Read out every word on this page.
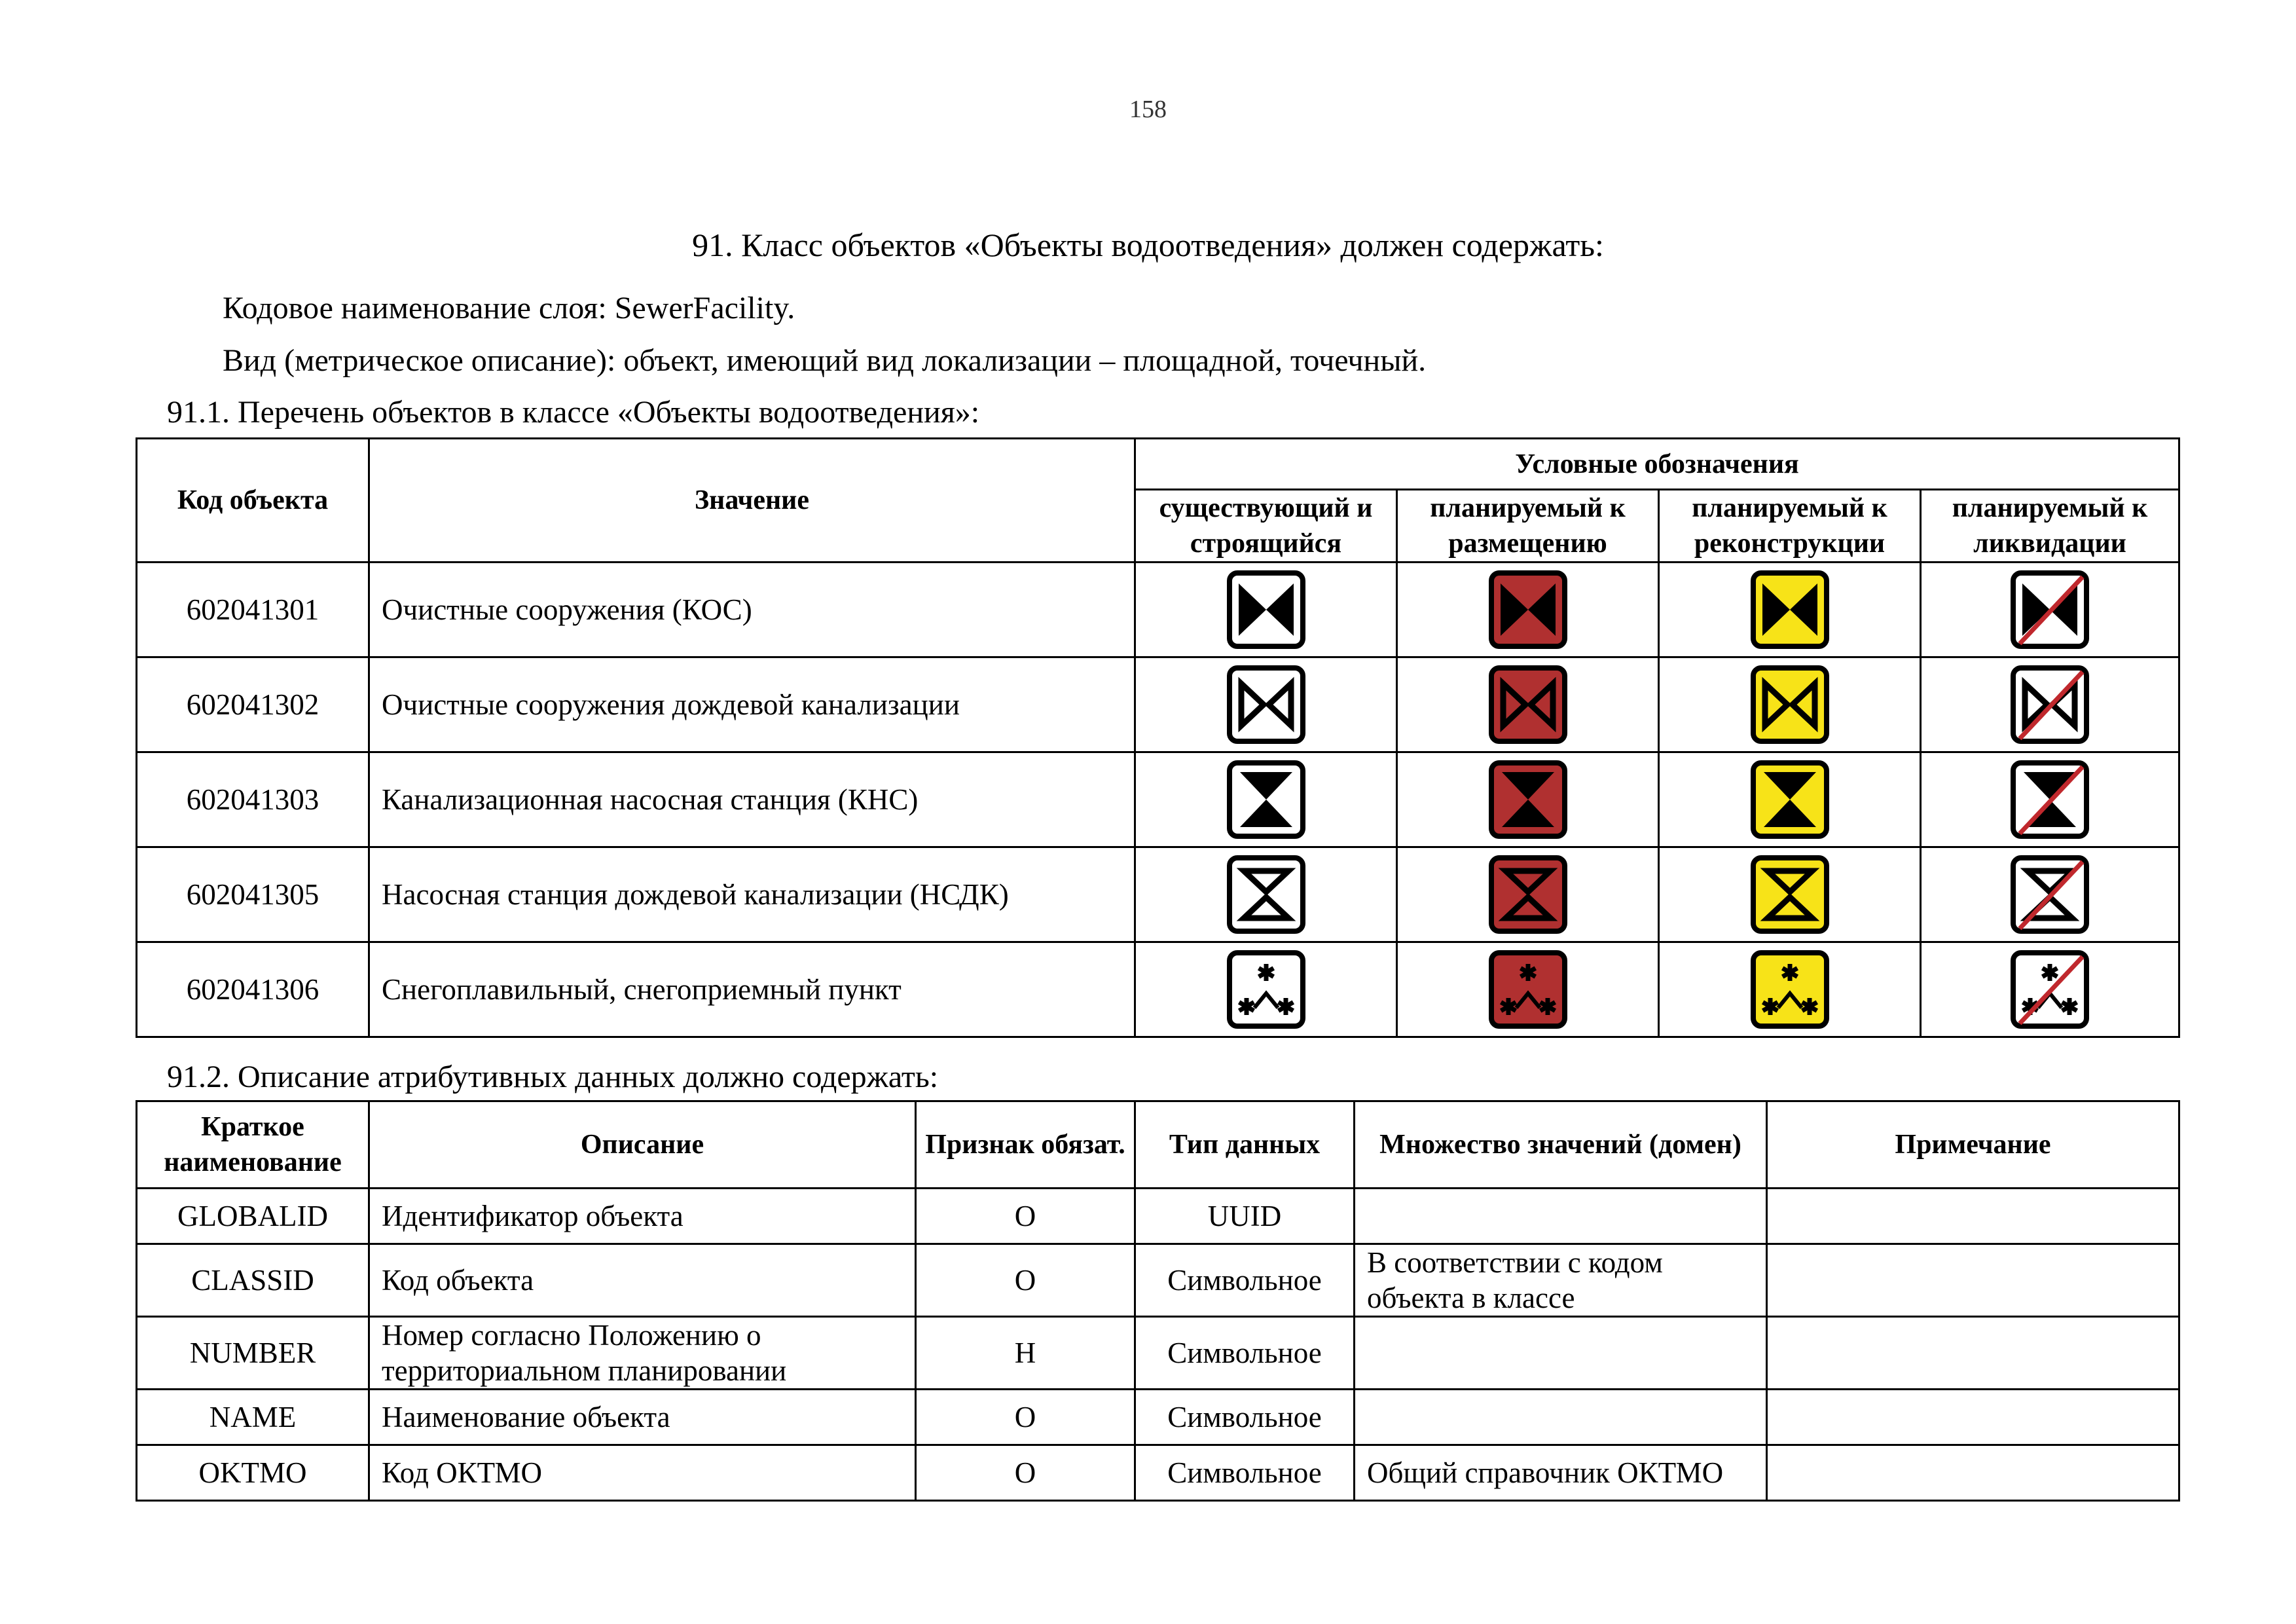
158
91. Класс объектов «Объекты водоотведения» должен содержать:
Кодовое наименование слоя: SewerFacility.
Вид (метрическое описание): объект, имеющий вид локализации – площадной, точечный.
91.1. Перечень объектов в классе «Объекты водоотведения»:
Код объекта	Значение	Условные обозначения			
		существующий и строящийся	планируемый к размещению	планируемый к реконструкции	планируемый к ликвидации
602041301	Очистные сооружения (КОС)	

602041302	Очистные сооружения дождевой канализации	

602041303	Канализационная насосная станция (КНС)	

602041305	Насосная станция дождевой канализации (НСДК)	

602041306	Снегоплавильный, снегоприемный пункт	

91.2. Описание атрибутивных данных должно содержать:
Краткое наименование	Описание	Признак обязат.	Тип данных	Множество значений (домен)	Примечание
GLOBALID	Идентификатор объекта	О	UUID		
CLASSID	Код объекта	О	Символьное	В соответствии с кодом объекта в классе	
NUMBER	Номер согласно Положению о территориальном планировании	Н	Символьное		
NAME	Наименование объекта	О	Символьное		
OKTMO	Код ОКТМО	О	Символьное	Общий справочник ОКТМО	
